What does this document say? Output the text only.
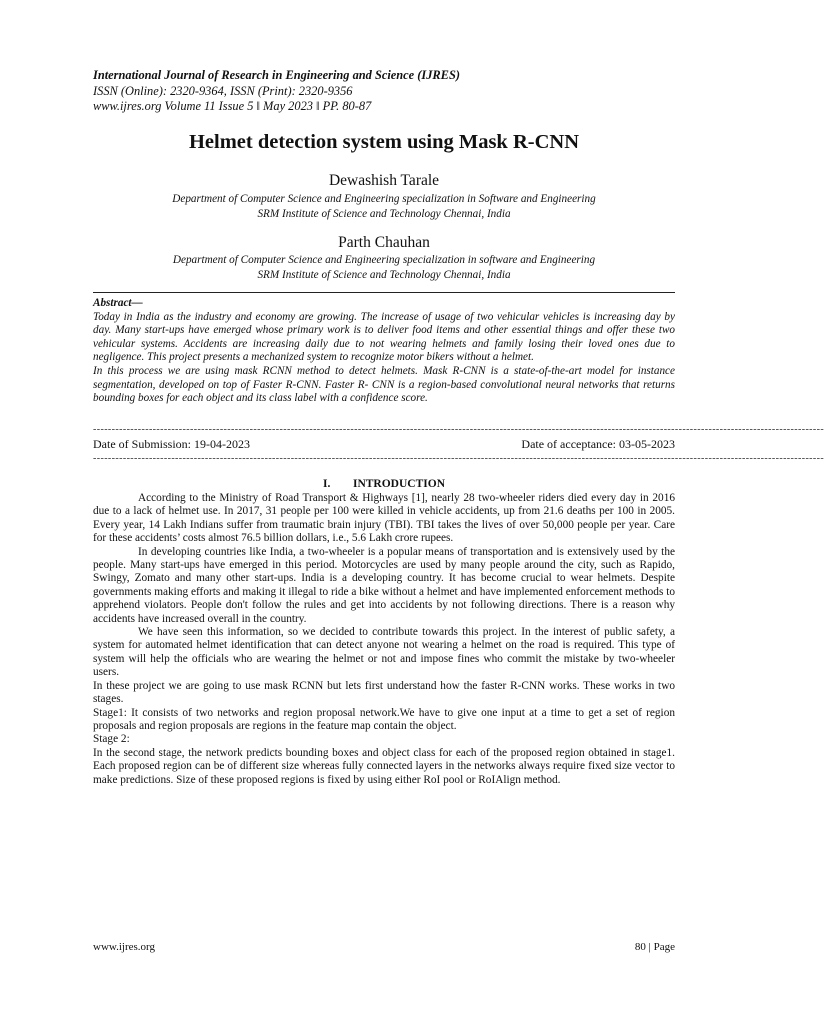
International Journal of Research in Engineering and Science (IJRES)
ISSN (Online): 2320-9364, ISSN (Print): 2320-9356
www.ijres.org Volume 11 Issue 5 ǁ May 2023 ǁ PP. 80-87
Helmet detection system using Mask R-CNN
Dewashish Tarale
Department of Computer Science and Engineering specialization in Software and Engineering
SRM Institute of Science and Technology Chennai, India
Parth Chauhan
Department of Computer Science and Engineering specialization in software and Engineering
SRM Institute of Science and Technology Chennai, India

Abstract—

Today in India as the industry and economy are growing. The increase of usage of two vehicular vehicles is increasing day by day. Many start-ups have emerged whose primary work is to deliver food items and other essential things and offer these two vehicular systems. Accidents are increasing daily due to not wearing helmets and family losing their loved ones due to negligence. This project presents a mechanized system to recognize motor bikers without a helmet.

In this process we are using mask RCNN method to detect helmets. Mask R-CNN is a state-of-the-art model for instance segmentation, developed on top of Faster R-CNN. Faster R- CNN is a region-based convolutional neural networks that returns bounding boxes for each object and its class label with a confidence score.

----------------------------------------------------------------------------------------------------------------------------------------------------------------------------------------------------
Date of Submission: 19-04-2023	Date of acceptance: 03-05-2023
----------------------------------------------------------------------------------------------------------------------------------------------------------------------------------------------------
I. INTRODUCTION

According to the Ministry of Road Transport & Highways [1], nearly 28 two-wheeler riders died every day in 2016 due to a lack of helmet use. In 2017, 31 people per 100 were killed in vehicle accidents, up from 21.6 deaths per 100 in 2005. Every year, 14 Lakh Indians suffer from traumatic brain injury (TBI). TBI takes the lives of over 50,000 people per year. Care for these accidents’ costs almost 76.5 billion dollars, i.e., 5.6 Lakh crore rupees.

In developing countries like India, a two-wheeler is a popular means of transportation and is extensively used by the people. Many start-ups have emerged in this period. Motorcycles are used by many people around the city, such as Rapido, Swingy, Zomato and many other start-ups. India is a developing country. It has become crucial to wear helmets. Despite governments making efforts and making it illegal to ride a bike without a helmet and have implemented enforcement methods to apprehend violators. People don't follow the rules and get into accidents by not following directions. There is a reason why accidents have increased overall in the country.

We have seen this information, so we decided to contribute towards this project. In the interest of public safety, a system for automated helmet identification that can detect anyone not wearing a helmet on the road is required. This type of system will help the officials who are wearing the helmet or not and impose fines who commit the mistake by two-wheeler users.

In these project we are going to use mask RCNN but lets first understand how the faster R-CNN works. These works in two stages.

Stage1: It consists of two networks and region proposal network.We have to give one input at a time to get a set of region proposals and region proposals are regions in the feature map contain the object.

Stage 2:

In the second stage, the network predicts bounding boxes and object class for each of the proposed region obtained in stage1. Each proposed region can be of different size whereas fully connected layers in the networks always require fixed size vector to make predictions. Size of these proposed regions is fixed by using either RoI pool or RoIAlign method.

www.ijres.org	80 | Page
